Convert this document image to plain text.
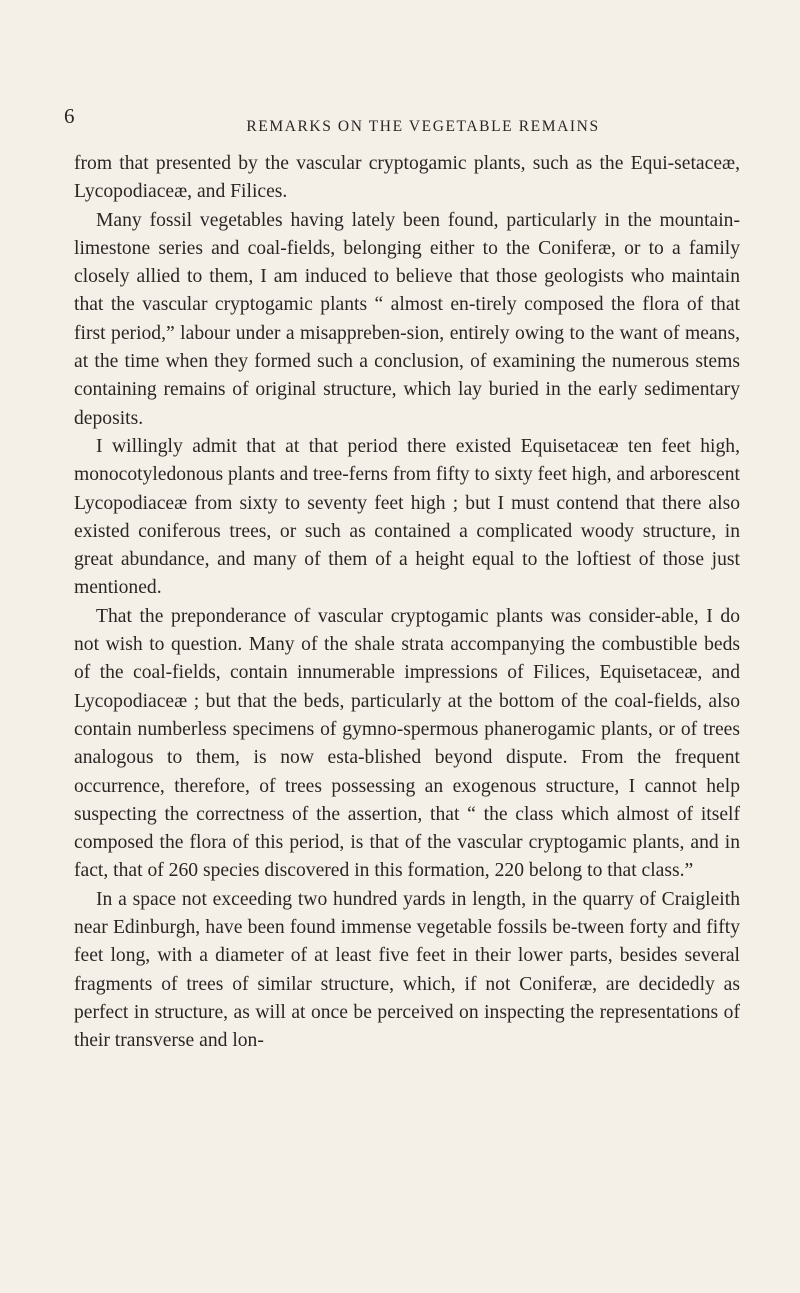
6	REMARKS ON THE VEGETABLE REMAINS

from that presented by the vascular cryptogamic plants, such as the Equi-setaceæ, Lycopodiaceæ, and Filices.

Many fossil vegetables having lately been found, particularly in the mountain-limestone series and coal-fields, belonging either to the Coniferæ, or to a family closely allied to them, I am induced to believe that those geologists who maintain that the vascular cryptogamic plants “ almost en-tirely composed the flora of that first period,” labour under a misappreben-sion, entirely owing to the want of means, at the time when they formed such a conclusion, of examining the numerous stems containing remains of original structure, which lay buried in the early sedimentary deposits.

I willingly admit that at that period there existed Equisetaceæ ten feet high, monocotyledonous plants and tree-ferns from fifty to sixty feet high, and arborescent Lycopodiaceæ from sixty to seventy feet high ; but I must contend that there also existed coniferous trees, or such as contained a complicated woody structure, in great abundance, and many of them of a height equal to the loftiest of those just mentioned.

That the preponderance of vascular cryptogamic plants was consider-able, I do not wish to question. Many of the shale strata accompanying the combustible beds of the coal-fields, contain innumerable impressions of Filices, Equisetaceæ, and Lycopodiaceæ ; but that the beds, particularly at the bottom of the coal-fields, also contain numberless specimens of gymno-spermous phanerogamic plants, or of trees analogous to them, is now esta-blished beyond dispute. From the frequent occurrence, therefore, of trees possessing an exogenous structure, I cannot help suspecting the correctness of the assertion, that “ the class which almost of itself composed the flora of this period, is that of the vascular cryptogamic plants, and in fact, that of 260 species discovered in this formation, 220 belong to that class.”

In a space not exceeding two hundred yards in length, in the quarry of Craigleith near Edinburgh, have been found immense vegetable fossils be-tween forty and fifty feet long, with a diameter of at least five feet in their lower parts, besides several fragments of trees of similar structure, which, if not Coniferæ, are decidedly as perfect in structure, as will at once be perceived on inspecting the representations of their transverse and lon-
